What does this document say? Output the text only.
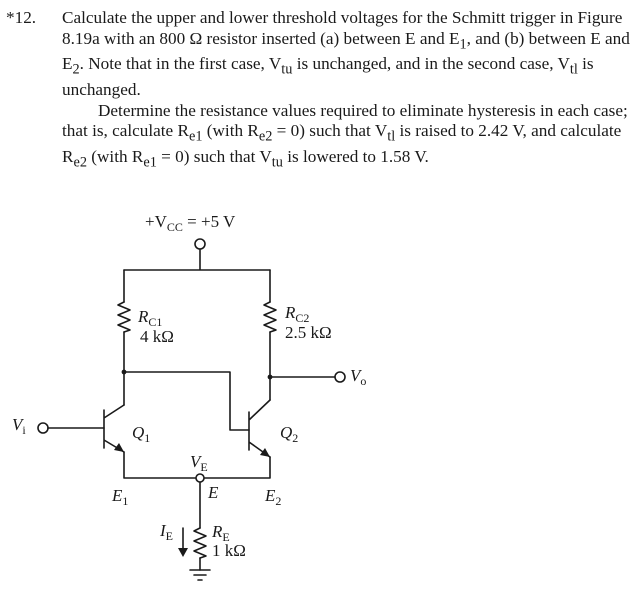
*12. Calculate the upper and lower threshold voltages for the Schmitt trigger in Figure 8.19a with an 800 Ω resistor inserted (a) between E and $E_1$, and (b) between E and $E_2$. Note that in the first case, $V_{tu}$ is unchanged, and in the second case, $V_{tl}$ is unchanged.

Determine the resistance values required to eliminate hysteresis in each case; that is, calculate $R_{e1}$ (with $R_{e2} = 0$) such that $V_{tl}$ is raised to 2.42 V, and calculate $R_{e2}$ (with $R_{e1} = 0$) such that $V_{tu}$ is lowered to 1.58 V.

$+V_{CC} = +5$ V
$R_{C1}$
4 kΩ
$R_{C2}$
2.5 kΩ
$V_o$
$V_i$	$Q_1$	$Q_2$
$V_E$
$E_1$	E	$E_2$
$I_E$ $R_E$
1 kΩ
